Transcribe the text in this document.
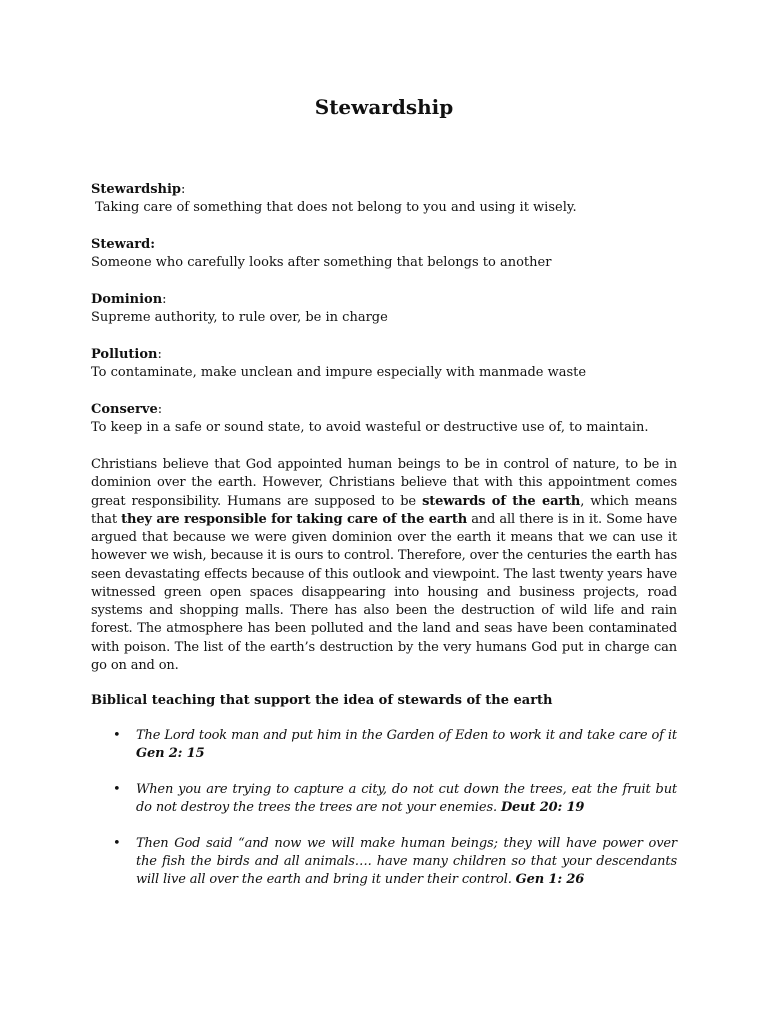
Stewardship
Stewardship:
Taking care of something that does not belong to you and using it wisely.
Steward:
Someone who carefully looks after something that belongs to another
Dominion:
Supreme authority, to rule over, be in charge
Pollution:
To contaminate, make unclean and impure especially with manmade waste
Conserve:
To keep in a safe or sound state, to avoid wasteful or destructive use of, to maintain.

Christians believe that God appointed human beings to be in control of nature, to be in dominion over the earth. However, Christians believe that with this appointment comes great responsibility. Humans are supposed to be stewards of the earth, which means that they are responsible for taking care of the earth and all there is in it. Some have argued that because we were given dominion over the earth it means that we can use it however we wish, because it is ours to control. Therefore, over the centuries the earth has seen devastating effects because of this outlook and viewpoint. The last twenty years have witnessed green open spaces disappearing into housing and business projects, road systems and shopping malls. There has also been the destruction of wild life and rain forest. The atmosphere has been polluted and the land and seas have been contaminated with poison. The list of the earth’s destruction by the very humans God put in charge can go on and on.

Biblical teaching that support the idea of stewards of the earth
• The Lord took man and put him in the Garden of Eden to work it and take care of it Gen 2: 15
• When you are trying to capture a city, do not cut down the trees, eat the fruit but do not destroy the trees the trees are not your enemies. Deut 20: 19
• Then God said “and now we will make human beings; they will have power over the fish the birds and all animals…. have many children so that your descendants will live all over the earth and bring it under their control. Gen 1: 26
